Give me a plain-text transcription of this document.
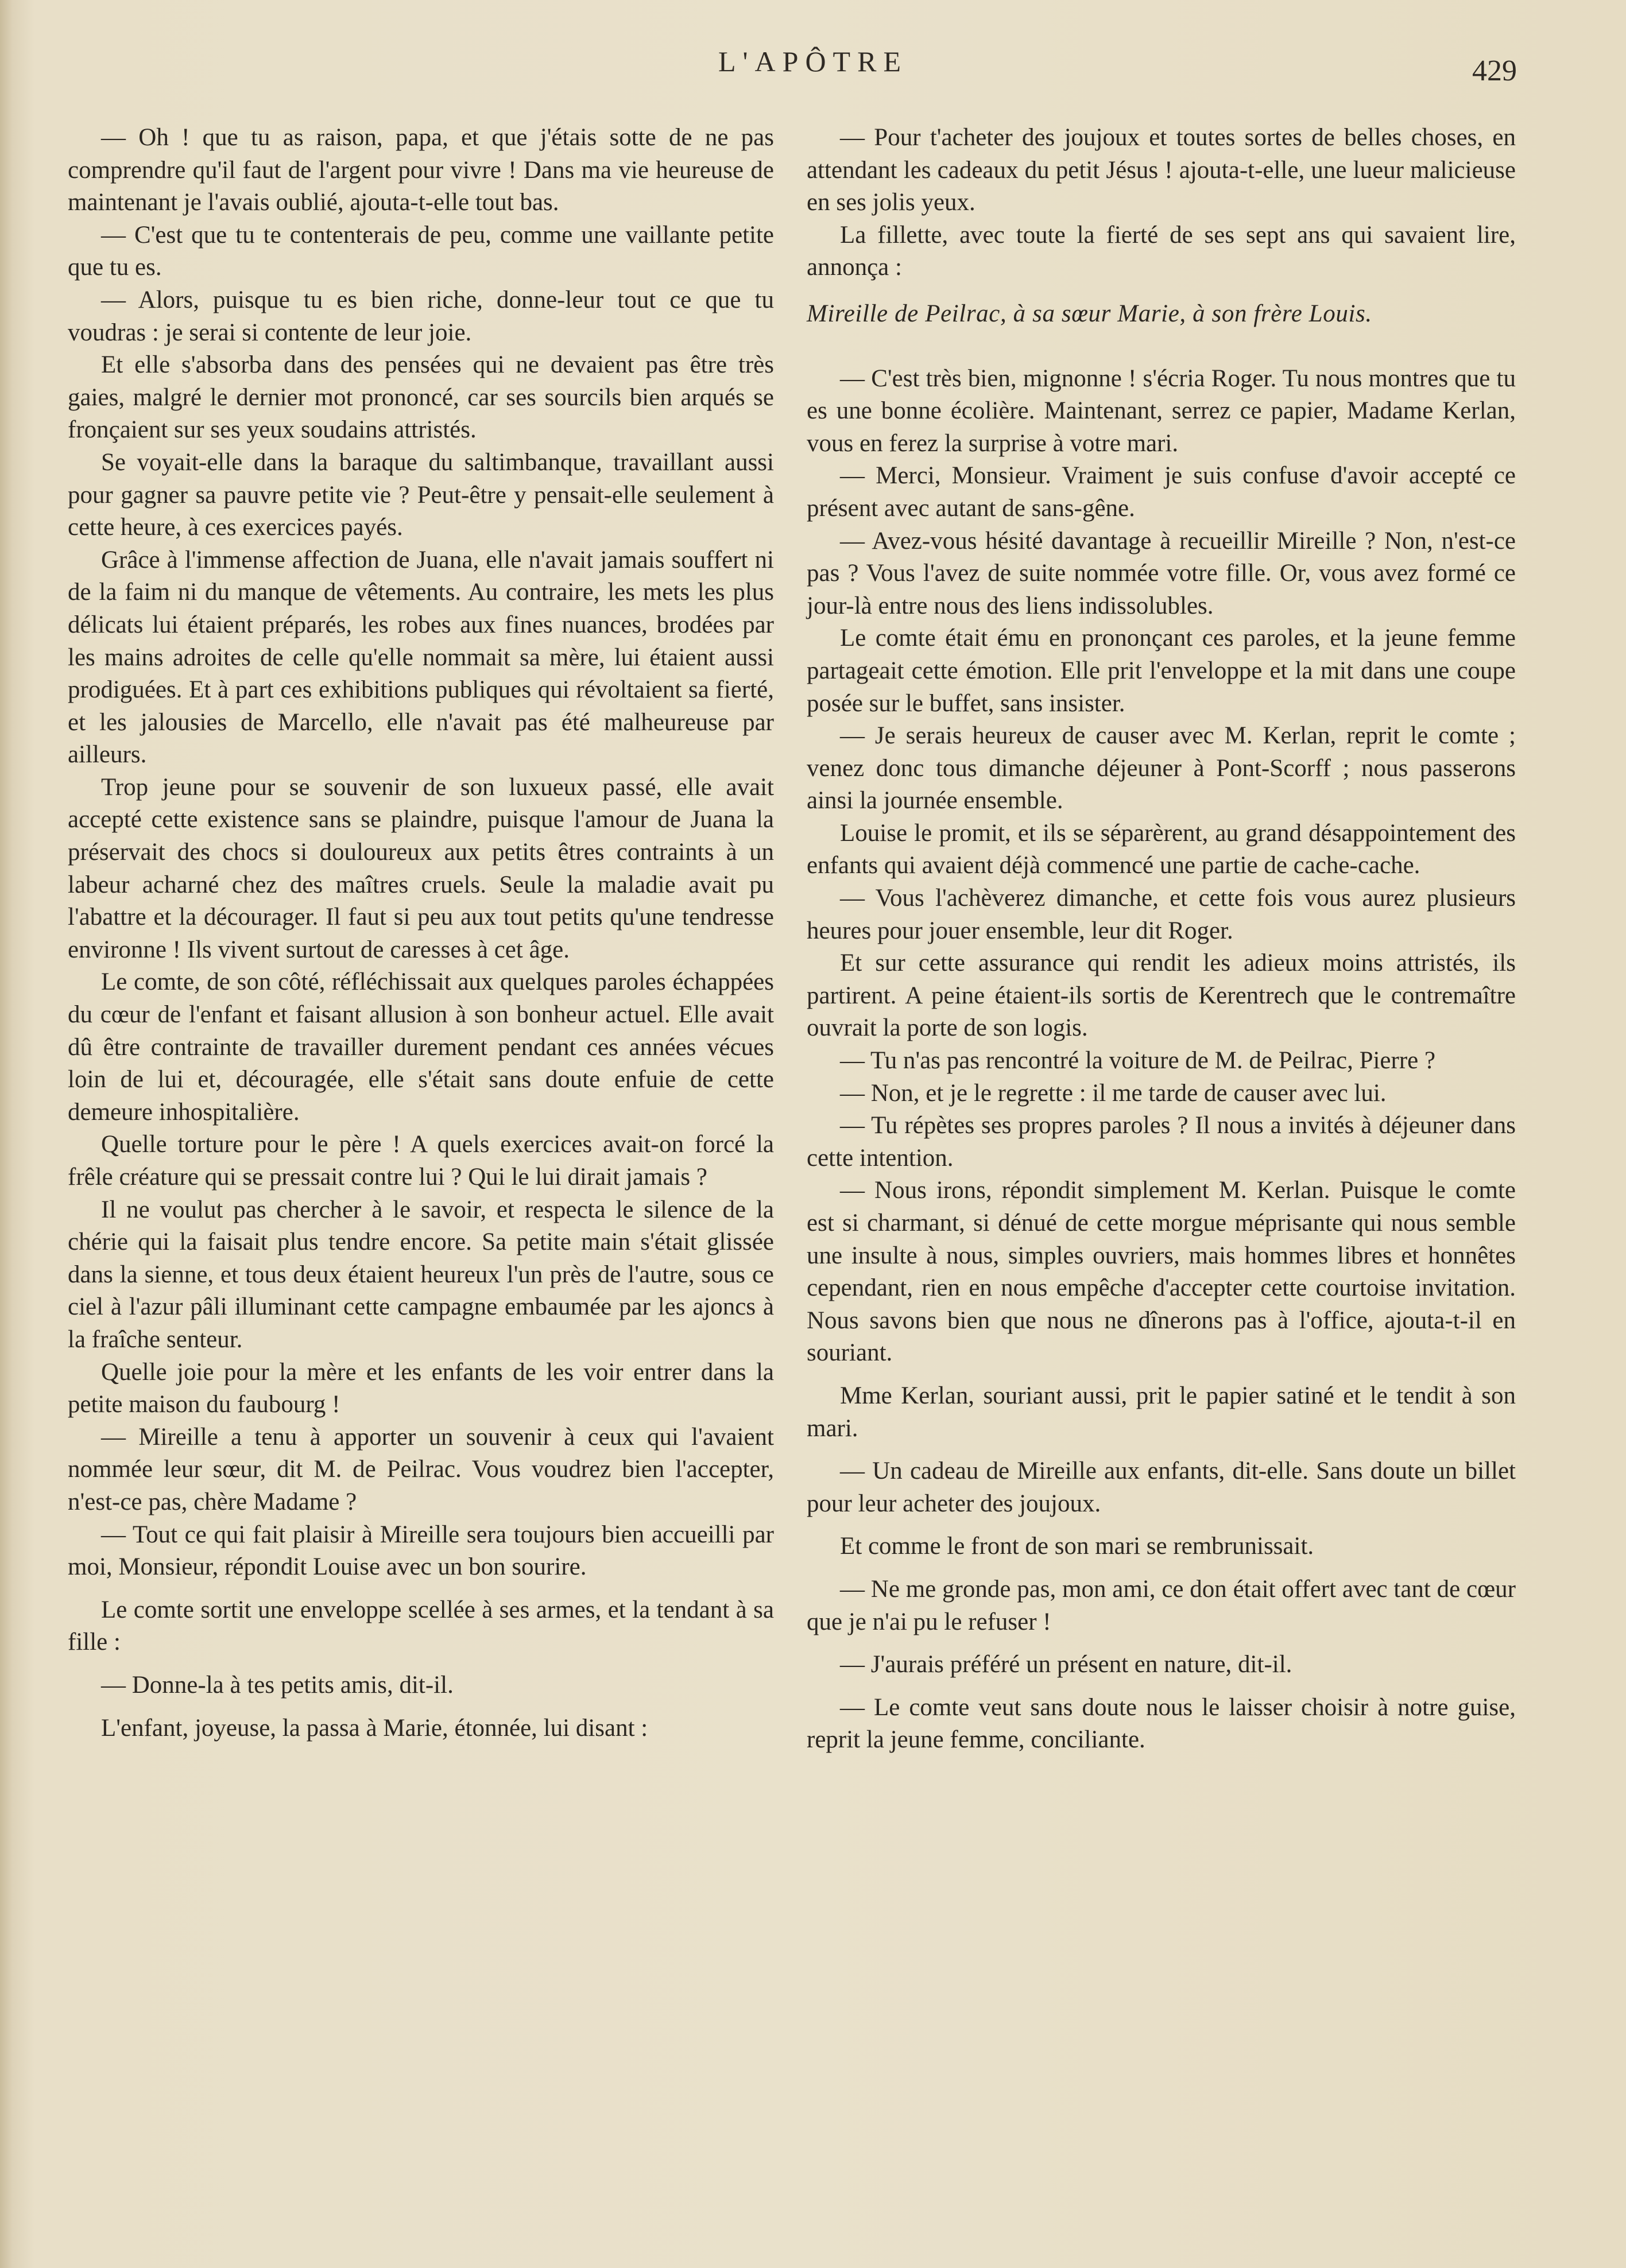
L'APÔTRE	429

— Oh ! que tu as raison, papa, et que j'étais sotte de ne pas comprendre qu'il faut de l'argent pour vivre ! Dans ma vie heureuse de maintenant je l'avais oublié, ajouta-t-elle tout bas.

— C'est que tu te contenterais de peu, comme une vaillante petite que tu es.

— Alors, puisque tu es bien riche, donne-leur tout ce que tu voudras : je serai si contente de leur joie.

Et elle s'absorba dans des pensées qui ne devaient pas être très gaies, malgré le dernier mot prononcé, car ses sourcils bien arqués se fronçaient sur ses yeux soudains attristés.

Se voyait-elle dans la baraque du saltimbanque, travaillant aussi pour gagner sa pauvre petite vie ? Peut-être y pensait-elle seulement à cette heure, à ces exercices payés.

Grâce à l'immense affection de Juana, elle n'avait jamais souffert ni de la faim ni du manque de vêtements. Au contraire, les mets les plus délicats lui étaient préparés, les robes aux fines nuances, brodées par les mains adroites de celle qu'elle nommait sa mère, lui étaient aussi prodiguées. Et à part ces exhibitions publiques qui révoltaient sa fierté, et les jalousies de Marcello, elle n'avait pas été malheureuse par ailleurs.

Trop jeune pour se souvenir de son luxueux passé, elle avait accepté cette existence sans se plaindre, puisque l'amour de Juana la préservait des chocs si douloureux aux petits êtres contraints à un labeur acharné chez des maîtres cruels. Seule la maladie avait pu l'abattre et la décourager. Il faut si peu aux tout petits qu'une tendresse environne ! Ils vivent surtout de caresses à cet âge.

Le comte, de son côté, réfléchissait aux quelques paroles échappées du cœur de l'enfant et faisant allusion à son bonheur actuel. Elle avait dû être contrainte de travailler durement pendant ces années vécues loin de lui et, découragée, elle s'était sans doute enfuie de cette demeure inhospitalière.

Quelle torture pour le père ! A quels exercices avait-on forcé la frêle créature qui se pressait contre lui ? Qui le lui dirait jamais ?

Il ne voulut pas chercher à le savoir, et respecta le silence de la chérie qui la faisait plus tendre encore. Sa petite main s'était glissée dans la sienne, et tous deux étaient heureux l'un près de l'autre, sous ce ciel à l'azur pâli illuminant cette campagne embaumée par les ajoncs à la fraîche senteur.

Quelle joie pour la mère et les enfants de les voir entrer dans la petite maison du faubourg !

— Mireille a tenu à apporter un souvenir à ceux qui l'avaient nommée leur sœur, dit M. de Peilrac. Vous voudrez bien l'accepter, n'est-ce pas, chère Madame ?

— Tout ce qui fait plaisir à Mireille sera toujours bien accueilli par moi, Monsieur, répondit Louise avec un bon sourire.

Le comte sortit une enveloppe scellée à ses armes, et la tendant à sa fille :

— Donne-la à tes petits amis, dit-il.

L'enfant, joyeuse, la passa à Marie, étonnée, lui disant :

— Pour t'acheter des joujoux et toutes sortes de belles choses, en attendant les cadeaux du petit Jésus ! ajouta-t-elle, une lueur malicieuse en ses jolis yeux.

La fillette, avec toute la fierté de ses sept ans qui savaient lire, annonça :

Mireille de Peilrac, à sa sœur Marie, à son frère Louis.

— C'est très bien, mignonne ! s'écria Roger. Tu nous montres que tu es une bonne écolière. Maintenant, serrez ce papier, Madame Kerlan, vous en ferez la surprise à votre mari.

— Merci, Monsieur. Vraiment je suis confuse d'avoir accepté ce présent avec autant de sans-gêne.

— Avez-vous hésité davantage à recueillir Mireille ? Non, n'est-ce pas ? Vous l'avez de suite nommée votre fille. Or, vous avez formé ce jour-là entre nous des liens indissolubles.

Le comte était ému en prononçant ces paroles, et la jeune femme partageait cette émotion. Elle prit l'enveloppe et la mit dans une coupe posée sur le buffet, sans insister.

— Je serais heureux de causer avec M. Kerlan, reprit le comte ; venez donc tous dimanche déjeuner à Pont-Scorff ; nous passerons ainsi la journée ensemble.

Louise le promit, et ils se séparèrent, au grand désappointement des enfants qui avaient déjà commencé une partie de cache-cache.

— Vous l'achèverez dimanche, et cette fois vous aurez plusieurs heures pour jouer ensemble, leur dit Roger.

Et sur cette assurance qui rendit les adieux moins attristés, ils partirent. A peine étaient-ils sortis de Kerentrech que le contremaître ouvrait la porte de son logis.

— Tu n'as pas rencontré la voiture de M. de Peilrac, Pierre ?

— Non, et je le regrette : il me tarde de causer avec lui.

— Tu répètes ses propres paroles ? Il nous a invités à déjeuner dans cette intention.

— Nous irons, répondit simplement M. Kerlan. Puisque le comte est si charmant, si dénué de cette morgue méprisante qui nous semble une insulte à nous, simples ouvriers, mais hommes libres et honnêtes cependant, rien en nous empêche d'accepter cette courtoise invitation. Nous savons bien que nous ne dînerons pas à l'office, ajouta-t-il en souriant.

Mme Kerlan, souriant aussi, prit le papier satiné et le tendit à son mari.

— Un cadeau de Mireille aux enfants, dit-elle. Sans doute un billet pour leur acheter des joujoux.

Et comme le front de son mari se rembrunissait.

— Ne me gronde pas, mon ami, ce don était offert avec tant de cœur que je n'ai pu le refuser !

— J'aurais préféré un présent en nature, dit-il.

— Le comte veut sans doute nous le laisser choisir à notre guise, reprit la jeune femme, conciliante.
